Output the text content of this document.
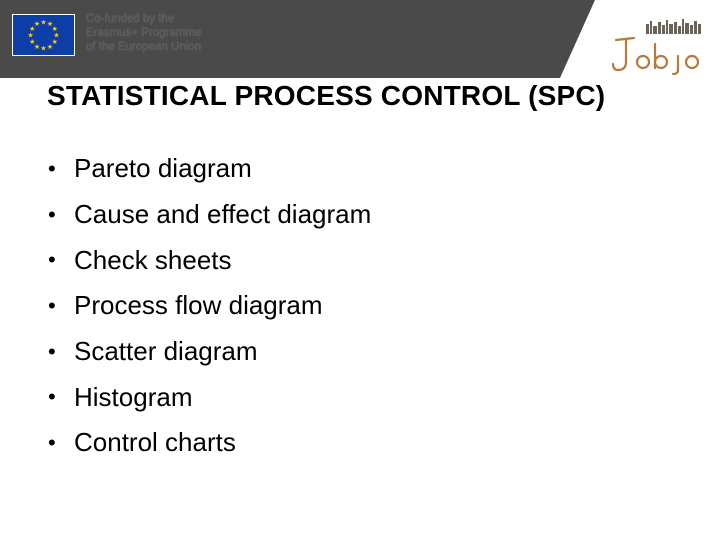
★ ★
★
★
★
★
★
★
★
★
★
★	Co-funded by the
Erasmus+ Programme
of the European Union
STATISTICAL PROCESS CONTROL (SPC)
• Pareto diagram
• Cause and effect diagram
• Check sheets
• Process flow diagram
• Scatter diagram
• Histogram
• Control charts
